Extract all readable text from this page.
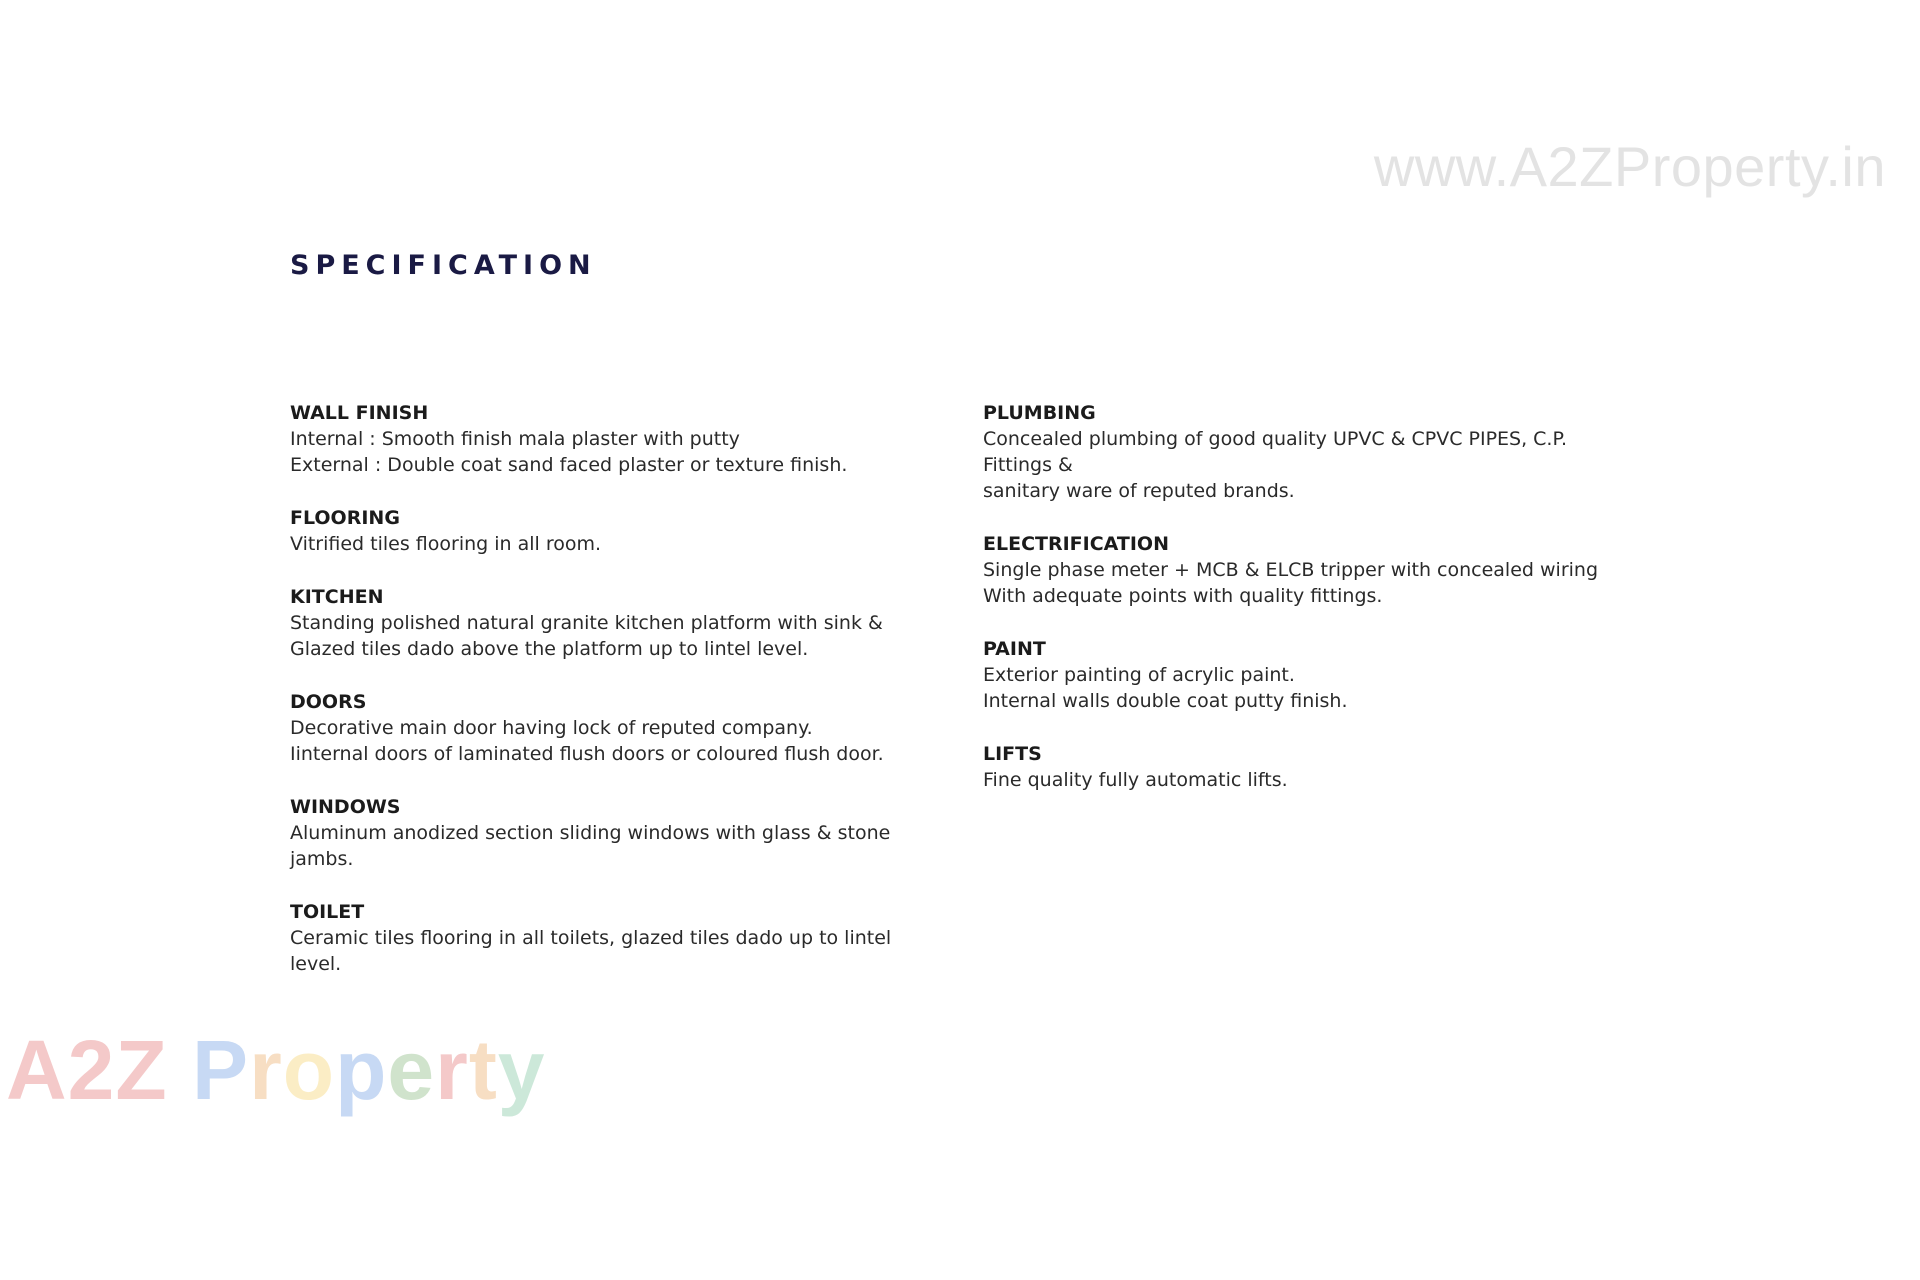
www.A2ZProperty.in
SPECIFICATION
WALL FINISH
Internal : Smooth finish mala plaster with putty
External : Double coat sand faced plaster or texture finish.
FLOORING
Vitrified tiles flooring in all room.
KITCHEN
Standing polished natural granite kitchen platform with sink &
Glazed tiles dado above the platform up to lintel level.
DOORS
Decorative main door having lock of reputed company.
Iinternal doors of laminated flush doors or coloured flush door.
WINDOWS
Aluminum anodized section sliding windows with glass & stone
jambs.
TOILET
Ceramic tiles flooring in all toilets, glazed tiles dado up to lintel
level.
PLUMBING
Concealed plumbing of good quality UPVC & CPVC PIPES, C.P.
Fittings &
sanitary ware of reputed brands.
ELECTRIFICATION
Single phase meter + MCB & ELCB tripper with concealed wiring
With adequate points with quality fittings.
PAINT
Exterior painting of acrylic paint.
Internal walls double coat putty finish.
LIFTS
Fine quality fully automatic lifts.
A2Z Property
